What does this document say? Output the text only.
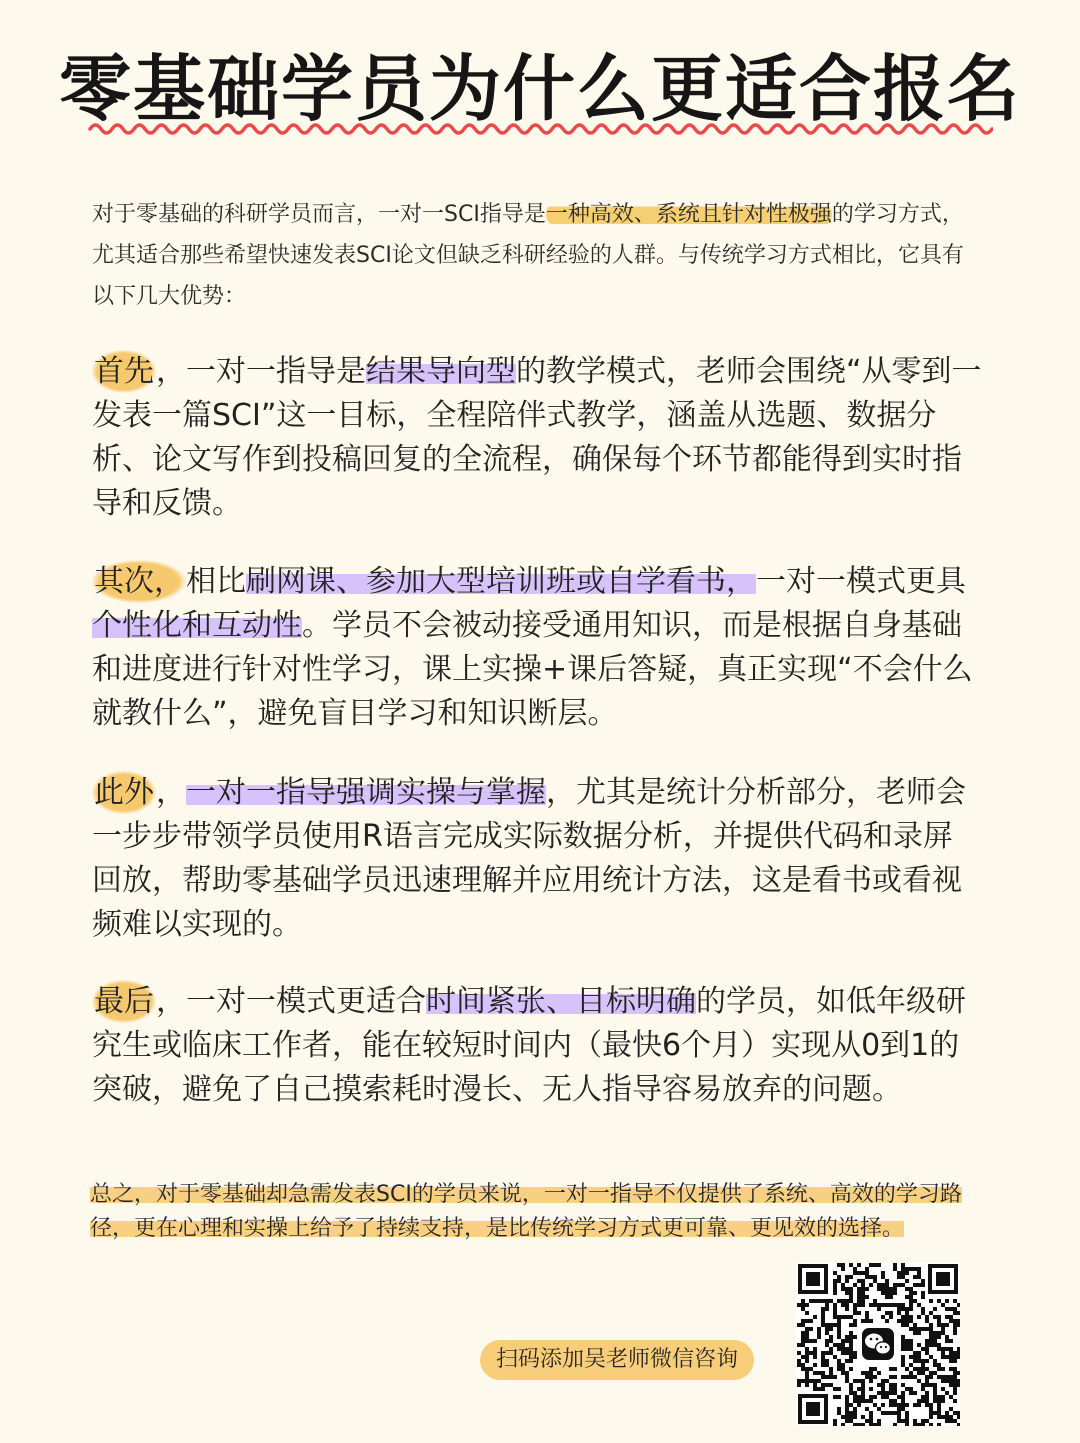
零基础学员为什么更适合报名
对于零基础的科研学员而言，一对一SCI指导是一种高效、系统且针对性极强的学习方式，尤其适合那些希望快速发表SCI论文但缺乏科研经验的人群。与传统学习方式相比，它具有以下几大优势：
首先，一对一指导是结果导向型的教学模式，老师会围绕“从零到一发表一篇SCI”这一目标，全程陪伴式教学，涵盖从选题、数据分析、论文写作到投稿回复的全流程，确保每个环节都能得到实时指导和反馈。
其次，相比刷网课、参加大型培训班或自学看书，一对一模式更具个性化和互动性。学员不会被动接受通用知识，而是根据自身基础和进度进行针对性学习，课上实操+课后答疑，真正实现“不会什么就教什么”，避免盲目学习和知识断层。
此外，一对一指导强调实操与掌握，尤其是统计分析部分，老师会一步步带领学员使用R语言完成实际数据分析，并提供代码和录屏回放，帮助零基础学员迅速理解并应用统计方法，这是看书或看视频难以实现的。
最后，一对一模式更适合时间紧张、目标明确的学员，如低年级研究生或临床工作者，能在较短时间内（最快6个月）实现从0到1的突破，避免了自己摸索耗时漫长、无人指导容易放弃的问题。
总之，对于零基础却急需发表SCI的学员来说，一对一指导不仅提供了系统、高效的学习路径，更在心理和实操上给予了持续支持，是比传统学习方式更可靠、更见效的选择。
扫码添加吴老师微信咨询
